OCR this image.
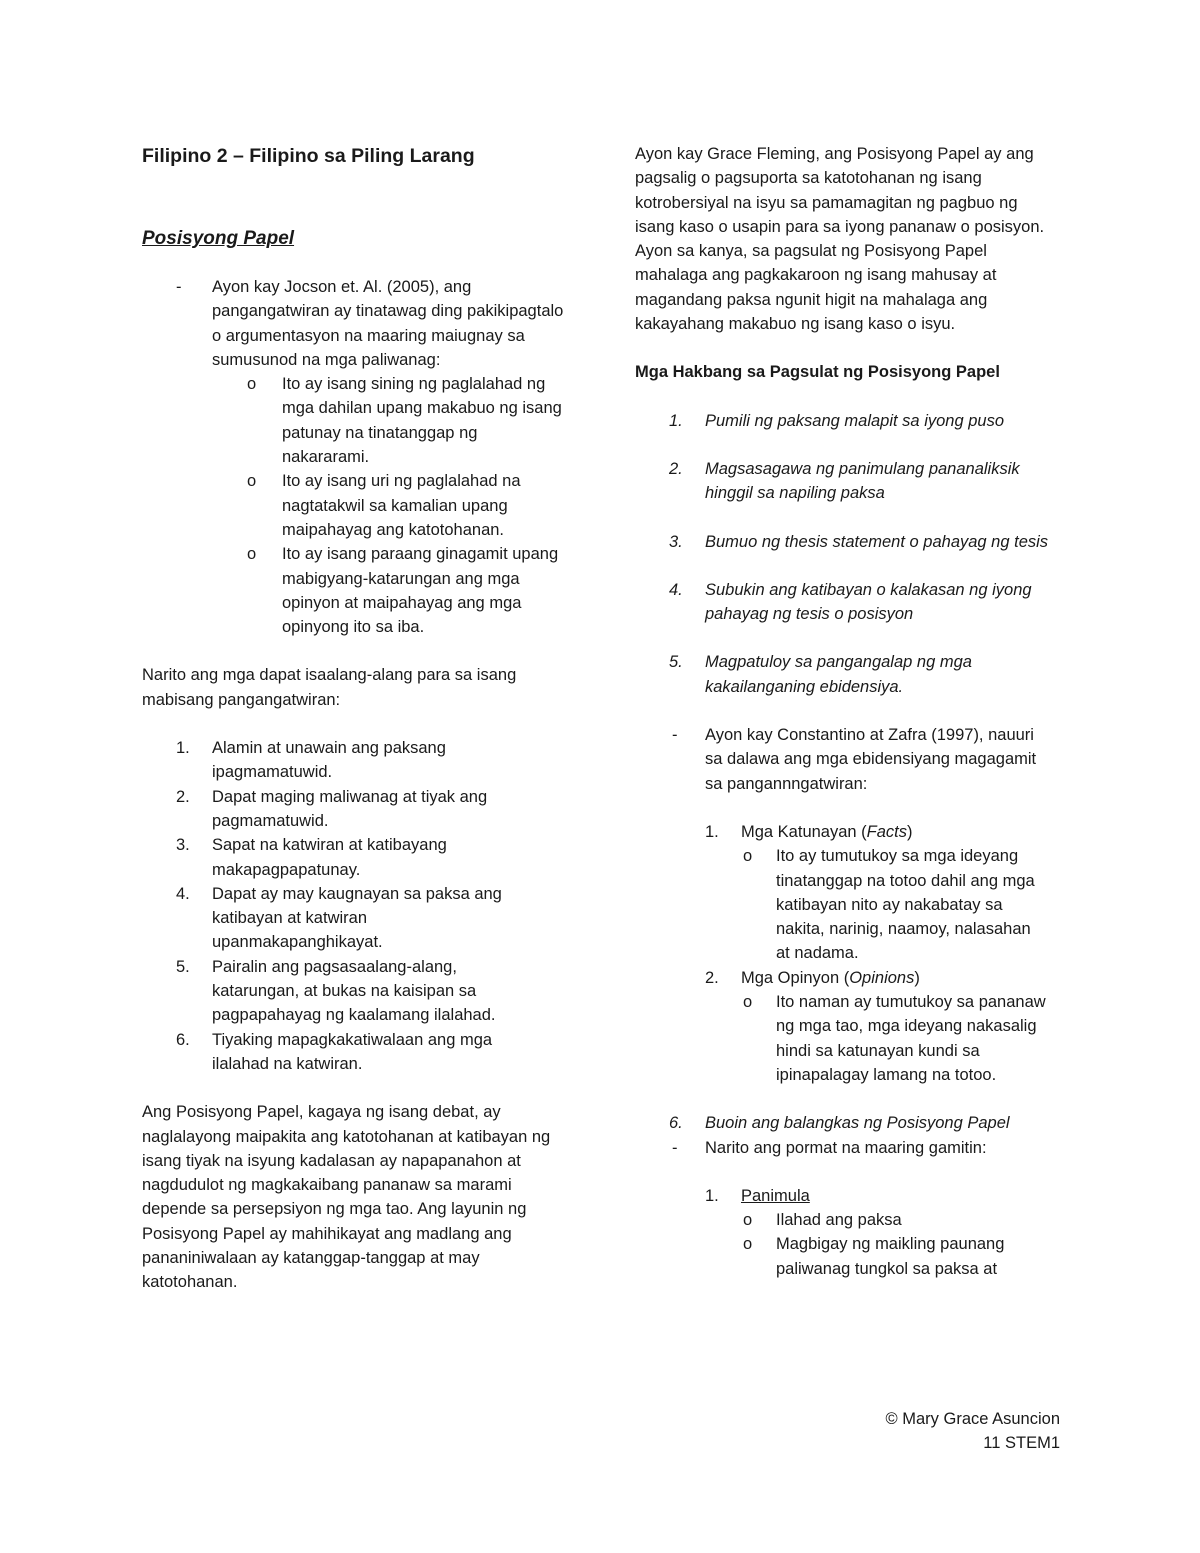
Filipino 2 – Filipino sa Piling Larang
Posisyong Papel
- Ayon kay Jocson et. Al. (2005), ang pangangatwiran ay tinatawag ding pakikipagtalo o argumentasyon na maaring maiugnay sa sumusunod na mga paliwanag:

o Ito ay isang sining ng paglalahad ng mga dahilan upang makabuo ng isang patunay na tinatanggap ng nakararami.

o Ito ay isang uri ng paglalahad na nagtatakwil sa kamalian upang maipahayag ang katotohanan.

o Ito ay isang paraang ginagamit upang mabigyang-katarungan ang mga opinyon at maipahayag ang mga opinyong ito sa iba.

Narito ang mga dapat isaalang-alang para sa isang mabisang pangangatwiran:

1. Alamin at unawain ang paksang ipagmamatuwid.

2. Dapat maging maliwanag at tiyak ang pagmamatuwid.

3. Sapat na katwiran at katibayang makapagpapatunay.

4. Dapat ay may kaugnayan sa paksa ang katibayan at katwiran upanmakapanghikayat.

5. Pairalin ang pagsasaalang-alang, katarungan, at bukas na kaisipan sa pagpapahayag ng kaalamang ilalahad.

6. Tiyaking mapagkakatiwalaan ang mga ilalahad na katwiran.

Ang Posisyong Papel, kagaya ng isang debat, ay naglalayong maipakita ang katotohanan at katibayan ng isang tiyak na isyung kadalasan ay napapanahon at nagdudulot ng magkakaibang pananaw sa marami depende sa persepsiyon ng mga tao. Ang layunin ng Posisyong Papel ay mahihikayat ang madlang ang pananiniwalaan ay katanggap-tanggap at may katotohanan.

Ayon kay Grace Fleming, ang Posisyong Papel ay ang pagsalig o pagsuporta sa katotohanan ng isang kotrobersiyal na isyu sa pamamagitan ng pagbuo ng isang kaso o usapin para sa iyong pananaw o posisyon. Ayon sa kanya, sa pagsulat ng Posisyong Papel mahalaga ang pagkakaroon ng isang mahusay at magandang paksa ngunit higit na mahalaga ang kakayahang makabuo ng isang kaso o isyu.

Mga Hakbang sa Pagsulat ng Posisyong Papel

1. Pumili ng paksang malapit sa iyong puso

2. Magsasagawa ng panimulang pananaliksik hinggil sa napiling paksa

3. Bumuo ng thesis statement o pahayag ng tesis

4. Subukin ang katibayan o kalakasan ng iyong pahayag ng tesis o posisyon

5. Magpatuloy sa pangangalap ng mga kakailanganing ebidensiya.

- Ayon kay Constantino at Zafra (1997), nauuri sa dalawa ang mga ebidensiyang magagamit sa pangannngatwiran:

1. Mga Katunayan (Facts)

o Ito ay tumutukoy sa mga ideyang tinatanggap na totoo dahil ang mga katibayan nito ay nakabatay sa nakita, narinig, naamoy, nalasahan at nadama.

2. Mga Opinyon (Opinions)

o Ito naman ay tumutukoy sa pananaw ng mga tao, mga ideyang nakasalig hindi sa katunayan kundi sa ipinapalagay lamang na totoo.

6. Buoin ang balangkas ng Posisyong Papel

- Narito ang pormat na maaring gamitin:

1. Panimula

o Ilahad ang paksa

o Magbigay ng maikling paunang paliwanag tungkol sa paksa at

© Mary Grace Asuncion

11 STEM1
